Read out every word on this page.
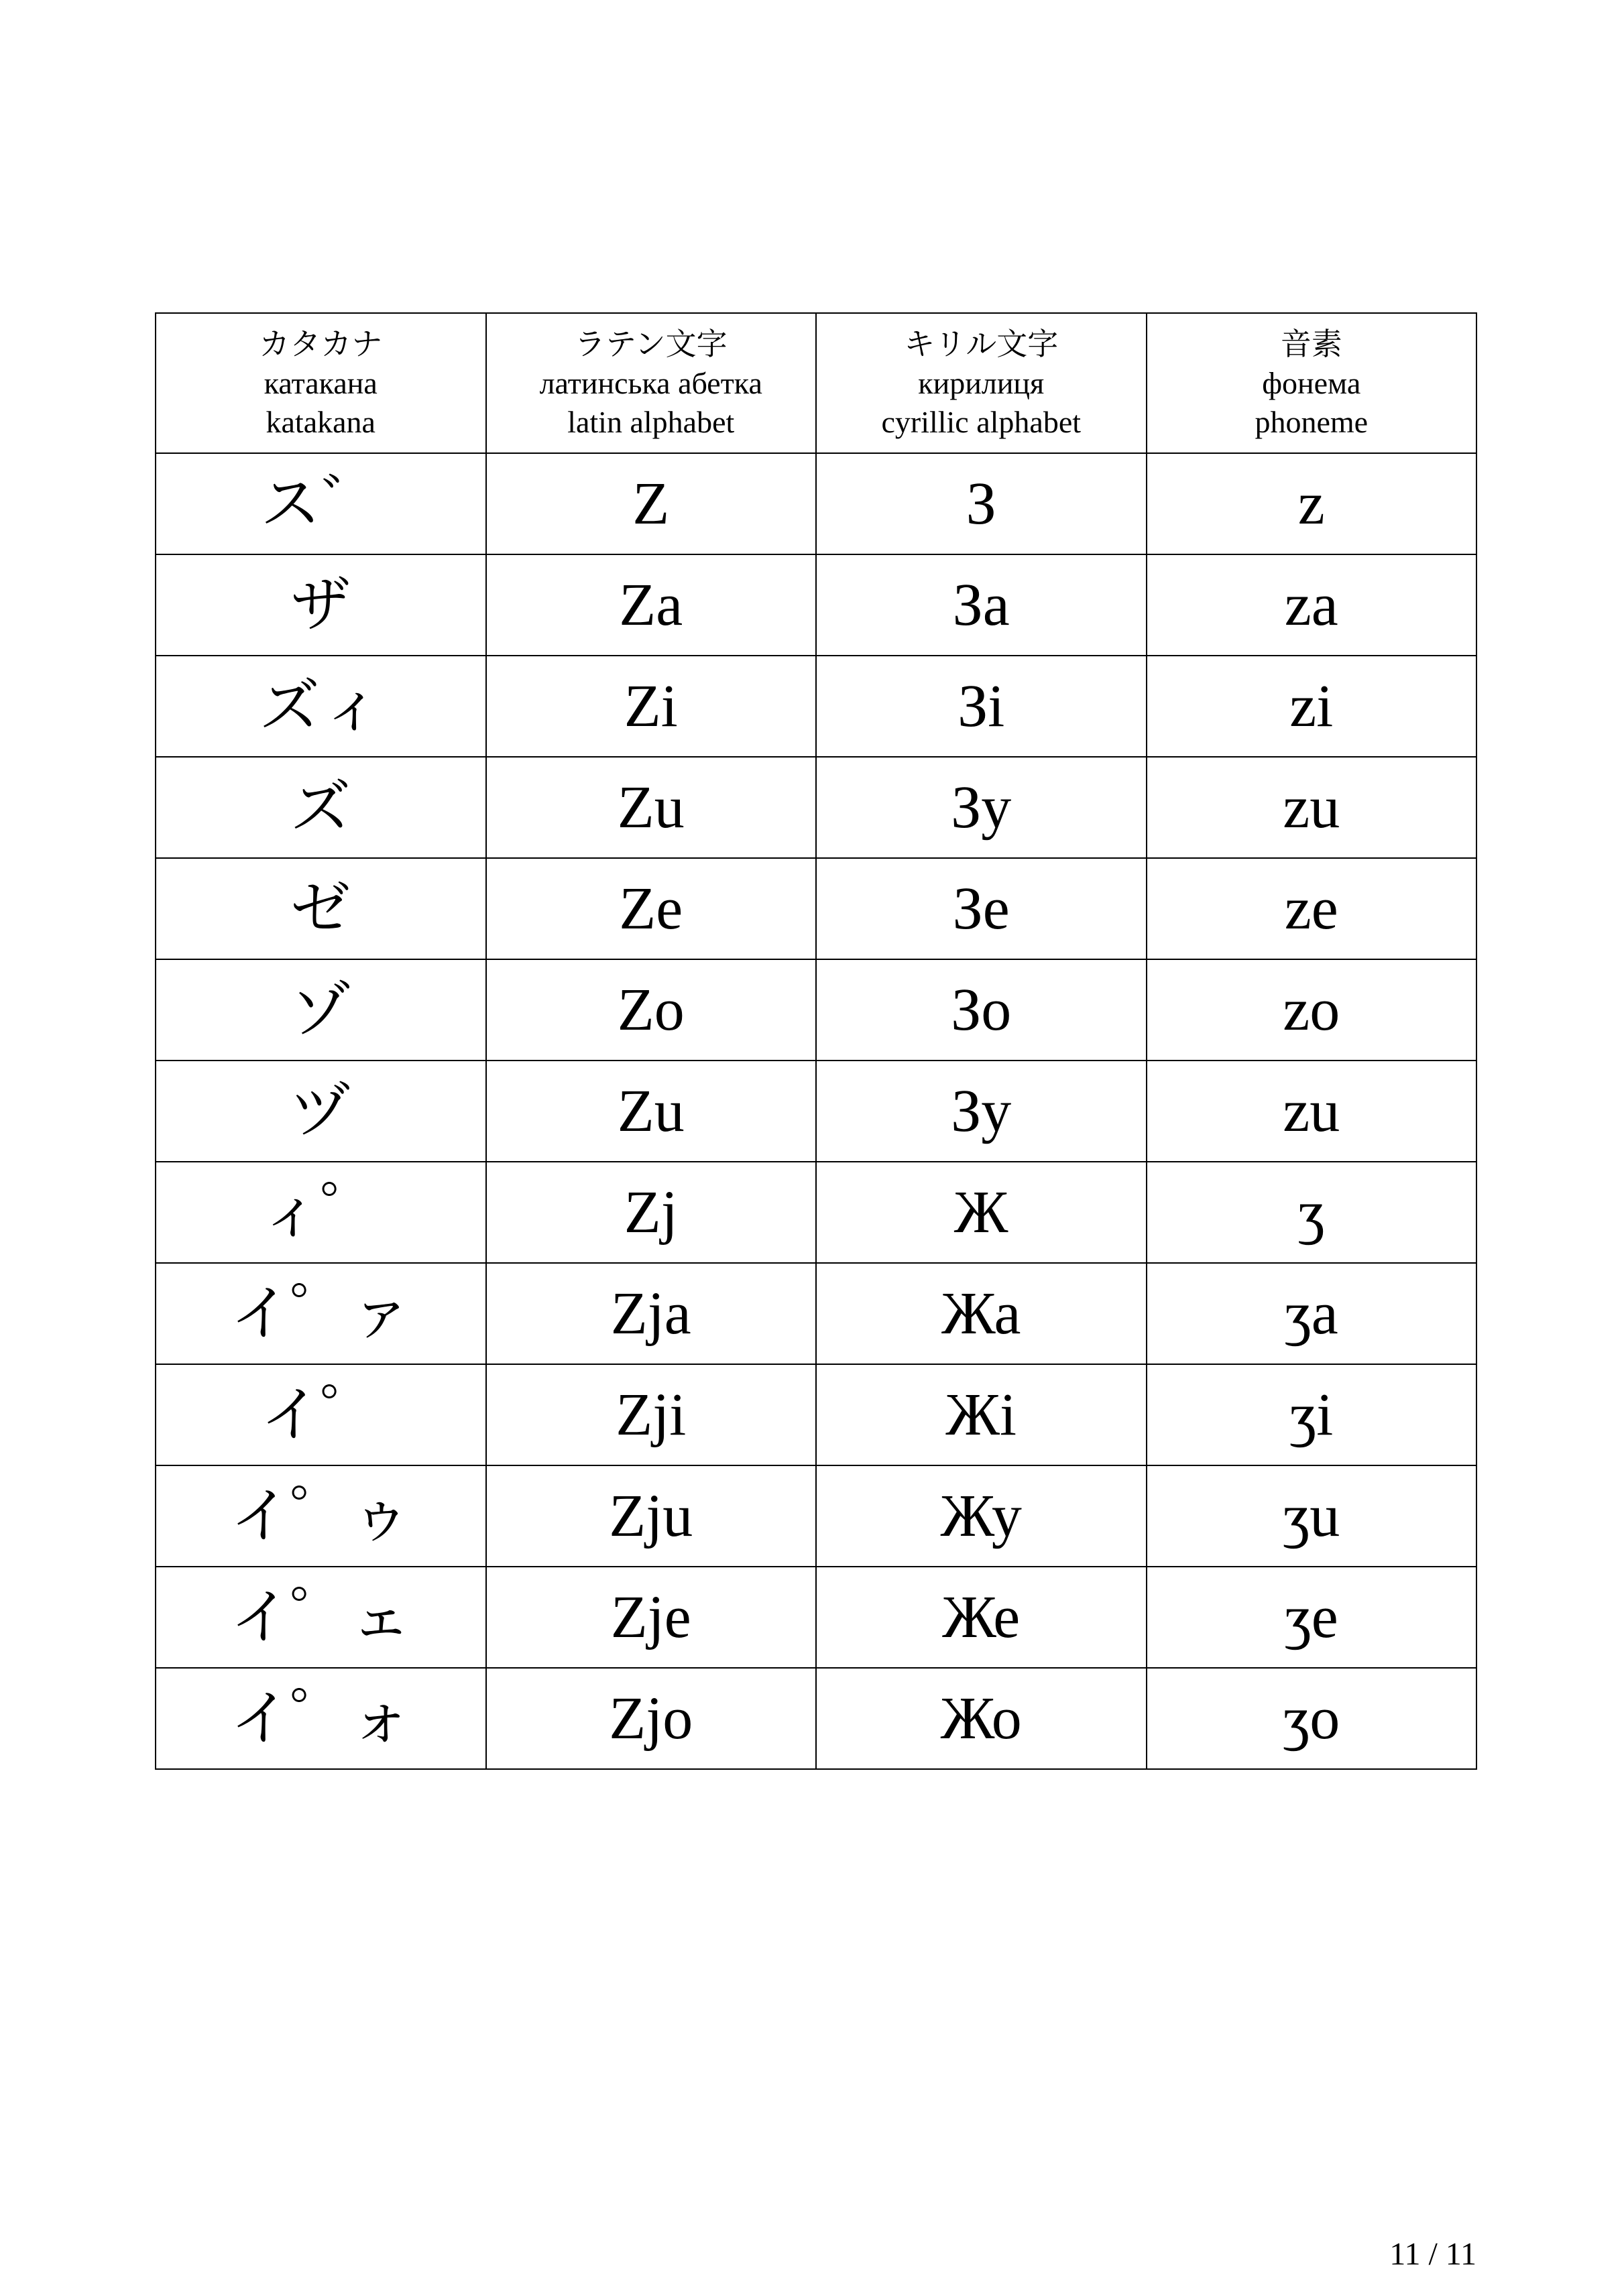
カタカナ
катакана
katakana	ラテン文字
латинська абетка
latin alphabet	キリル文字
кирилиця
cyrillic alphabet	音素
фонема
phoneme

ス゛	Z	З	z
ザ	Za	За	za
ズィ	Zi	Зі	zi
ズ	Zu	Зу	zu
ゼ	Ze	Зе	ze
ゾ	Zo	Зо	zo
ヅ	Zu	Зу	zu
ィ゜	Zj	Ж	ʒ
イ゜ァ	Zja	Жа	ʒa
イ゜	Zji	Жі	ʒi
イ゜ゥ	Zju	Жу	ʒu
イ゜ェ	Zje	Же	ʒe
イ゜ォ	Zjo	Жо	ʒo
11 / 11
